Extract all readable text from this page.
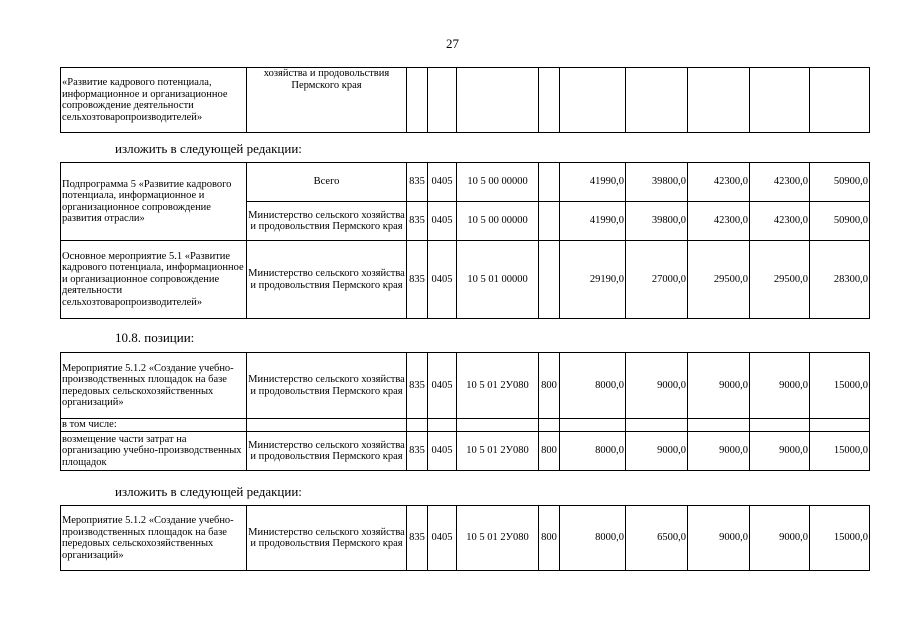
27
«Развитие кадрового потенциала, информационное и организационное сопровождение деятельности сельхозтоваропроизводителей»	хозяйства и продовольствия Пермского края									
изложить в следующей редакции:
Подпрограмма 5 «Развитие кадрового потенциала, информационное и организационное сопровождение развития отрасли»	Всего	835	0405	10 5 00 00000		41990,0	39800,0	42300,0	42300,0	50900,0
	Министерство сельского хозяйства и продовольствия Пермского края	835	0405	10 5 00 00000		41990,0	39800,0	42300,0	42300,0	50900,0
Основное мероприятие 5.1 «Развитие кадрового потенциала, информационное и организационное сопровождение деятельности сельхозтоваропроизводителей»	Министерство сельского хозяйства и продовольствия Пермского края	835	0405	10 5 01 00000		29190,0	27000,0	29500,0	29500,0	28300,0
10.8. позиции:
Мероприятие 5.1.2 «Создание учебно-производственных площадок на базе передовых сельскохозяйственных организаций»	Министерство сельского хозяйства и продовольствия Пермского края	835	0405	10 5 01 2У080	800	8000,0	9000,0	9000,0	9000,0	15000,0
в том числе:										
возмещение части затрат на организацию учебно-производственных площадок	Министерство сельского хозяйства и продовольствия Пермского края	835	0405	10 5 01 2У080	800	8000,0	9000,0	9000,0	9000,0	15000,0
изложить в следующей редакции:
Мероприятие 5.1.2 «Создание учебно-производственных площадок на базе передовых сельскохозяйственных организаций»	Министерство сельского хозяйства и продовольствия Пермского края	835	0405	10 5 01 2У080	800	8000,0	6500,0	9000,0	9000,0	15000,0
